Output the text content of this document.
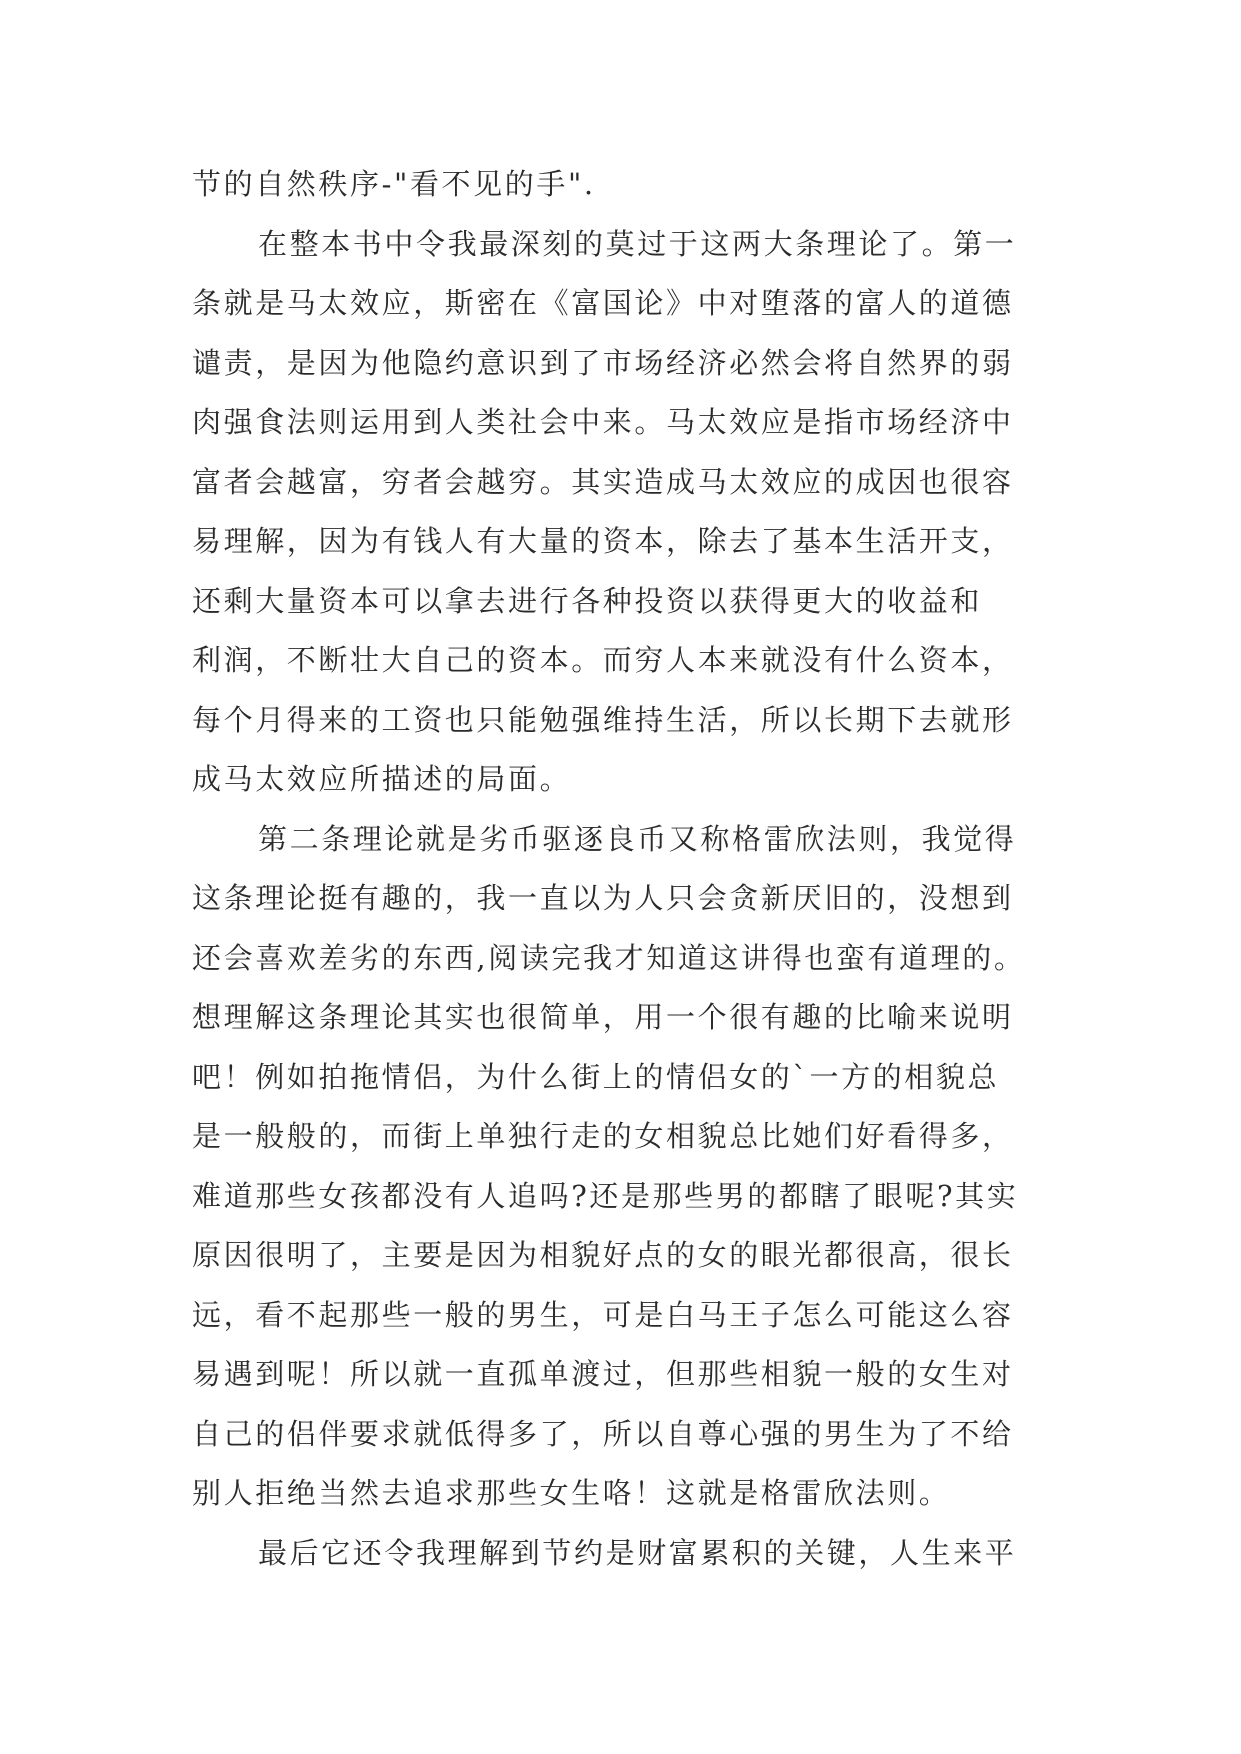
节的自然秩序-"看不见的手".
在整本书中令我最深刻的莫过于这两大条理论了。第一
条就是马太效应，斯密在《富国论》中对堕落的富人的道德
谴责，是因为他隐约意识到了市场经济必然会将自然界的弱
肉强食法则运用到人类社会中来。马太效应是指市场经济中
富者会越富，穷者会越穷。其实造成马太效应的成因也很容
易理解，因为有钱人有大量的资本，除去了基本生活开支，
还剩大量资本可以拿去进行各种投资以获得更大的收益和
利润，不断壮大自己的资本。而穷人本来就没有什么资本，
每个月得来的工资也只能勉强维持生活，所以长期下去就形
成马太效应所描述的局面。
第二条理论就是劣币驱逐良币又称格雷欣法则，我觉得
这条理论挺有趣的，我一直以为人只会贪新厌旧的，没想到
还会喜欢差劣的东西,阅读完我才知道这讲得也蛮有道理的。
想理解这条理论其实也很简单，用一个很有趣的比喻来说明
吧！例如拍拖情侣，为什么街上的情侣女的`一方的相貌总
是一般般的，而街上单独行走的女相貌总比她们好看得多，
难道那些女孩都没有人追吗?还是那些男的都瞎了眼呢?其实
原因很明了，主要是因为相貌好点的女的眼光都很高，很长
远，看不起那些一般的男生，可是白马王子怎么可能这么容
易遇到呢！所以就一直孤单渡过，但那些相貌一般的女生对
自己的侣伴要求就低得多了，所以自尊心强的男生为了不给
别人拒绝当然去追求那些女生咯！这就是格雷欣法则。
最后它还令我理解到节约是财富累积的关键，人生来平
